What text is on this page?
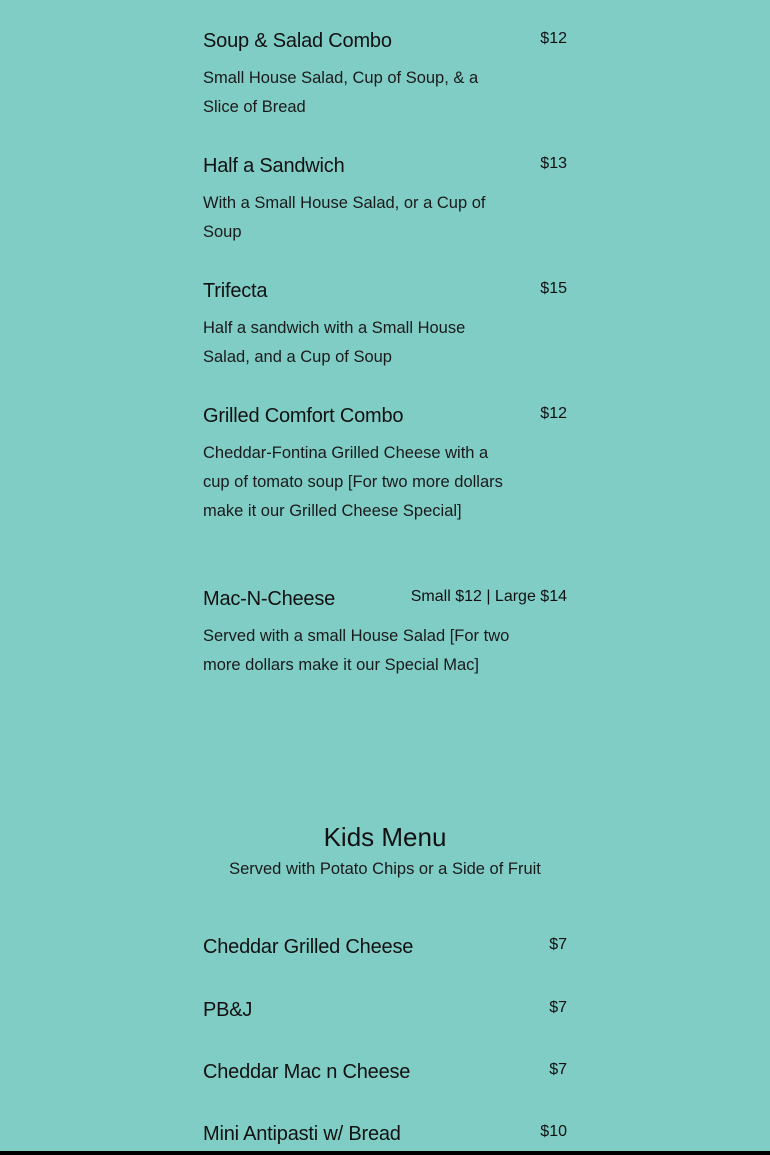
Soup & Salad Combo	$12
Small House Salad, Cup of Soup, & a Slice of Bread
Half a Sandwich	$13
With a Small House Salad, or a Cup of Soup
Trifecta	$15
Half a sandwich with a Small House Salad, and a Cup of Soup
Grilled Comfort Combo	$12
Cheddar-Fontina Grilled Cheese with a cup of tomato soup [For two more dollars make it our Grilled Cheese Special]
Mac-N-Cheese	Small $12 | Large $14
Served with a small House Salad [For two more dollars make it our Special Mac]
Cheddar Grilled Cheese	$7
PB&J	$7
Cheddar Mac n Cheese	$7
Mini Antipasti w/ Bread	$10
Kids Menu
Served with Potato Chips or a Side of Fruit
